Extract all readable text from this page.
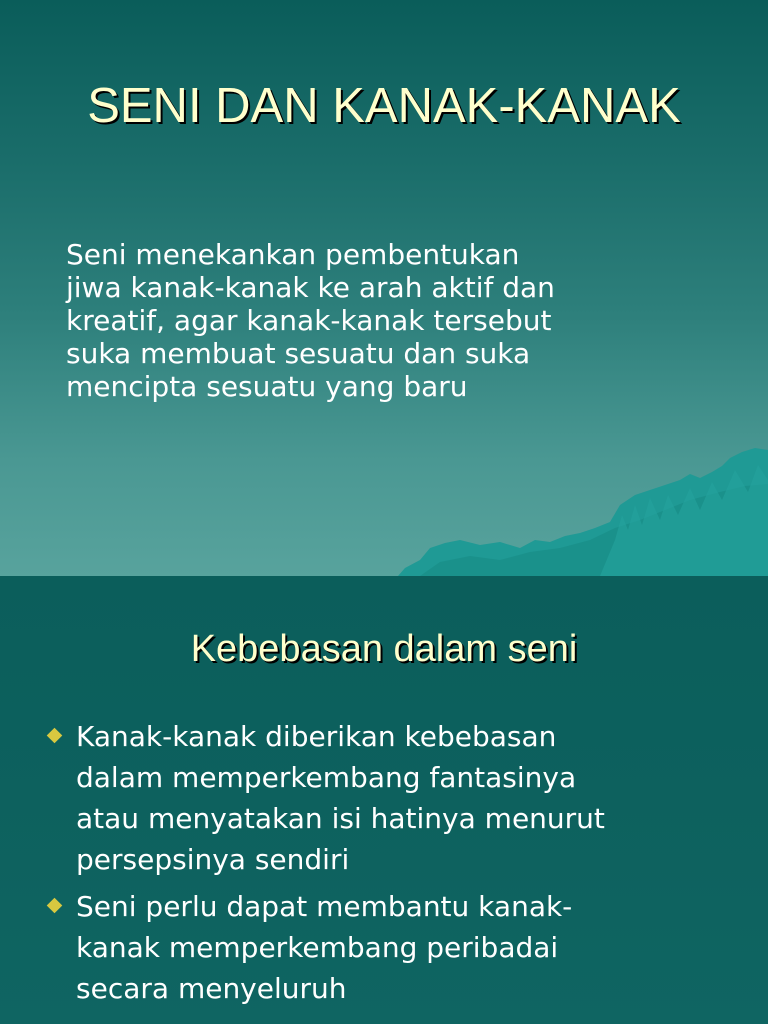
SENI DAN KANAK-KANAK
Seni menekankan pembentukan
jiwa kanak-kanak ke arah aktif dan
kreatif, agar kanak-kanak tersebut
suka membuat sesuatu dan suka
mencipta sesuatu yang baru
Kebebasan dalam seni
Kanak-kanak diberikan kebebasan
dalam memperkembang fantasinya
atau menyatakan isi hatinya menurut
persepsinya sendiri
Seni perlu dapat membantu kanak-
kanak memperkembang peribadai
secara menyeluruh
